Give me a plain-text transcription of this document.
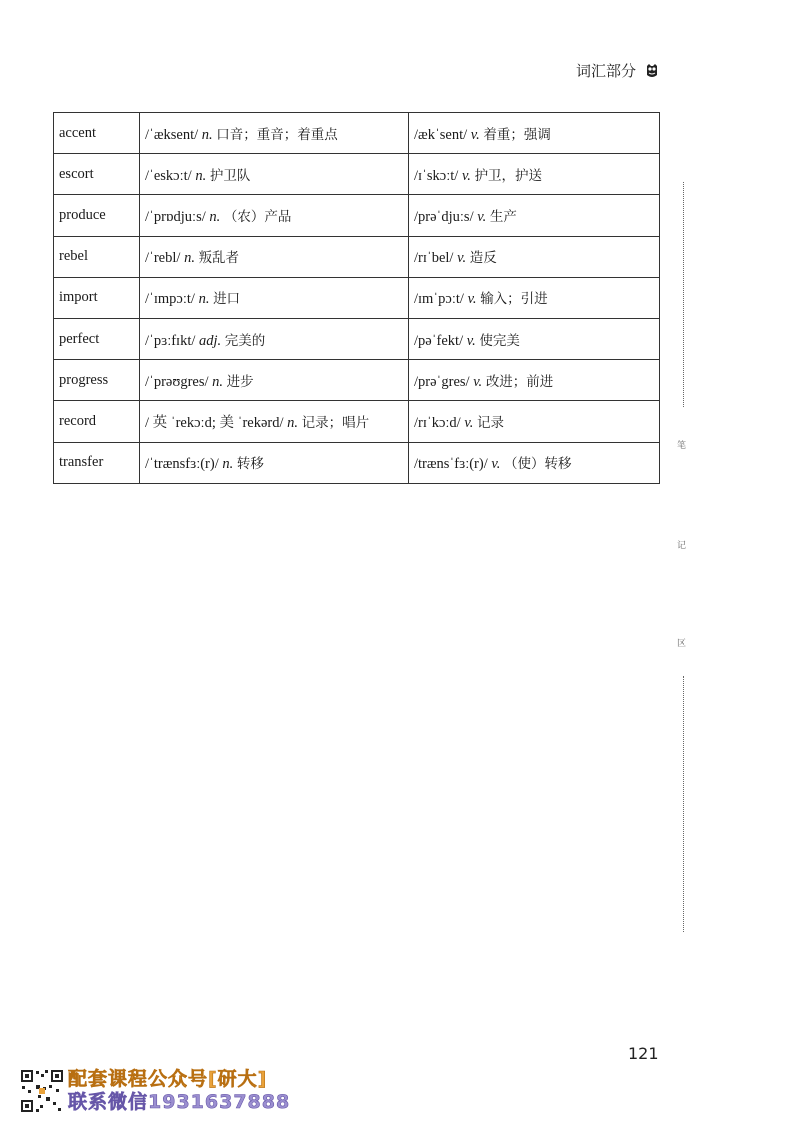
词汇部分
accent	/ˈæksent/ n. 口音；重音；着重点	/ækˈsent/ v. 着重；强调
escort	/ˈeskɔːt/ n. 护卫队	/ɪˈskɔːt/ v. 护卫，护送
produce	/ˈprɒdjuːs/ n. （农）产品	/prəˈdjuːs/ v. 生产
rebel	/ˈrebl/ n. 叛乱者	/rɪˈbel/ v. 造反
import	/ˈɪmpɔːt/ n. 进口	/ɪmˈpɔːt/ v. 输入；引进
perfect	/ˈpɜːfɪkt/ adj. 完美的	/pəˈfekt/ v. 使完美
progress	/ˈprəʊgres/ n. 进步	/prəˈgres/ v. 改进；前进
record	/ 英 ˈrekɔːd; 美 ˈrekərd/ n. 记录；唱片	/rɪˈkɔːd/ v. 记录
transfer	/ˈtrænsfɜː(r)/ n. 转移	/trænsˈfɜː(r)/ v. （使）转移
笔
记
区
121
配套课程公众号[研大]
联系微信1931637888
